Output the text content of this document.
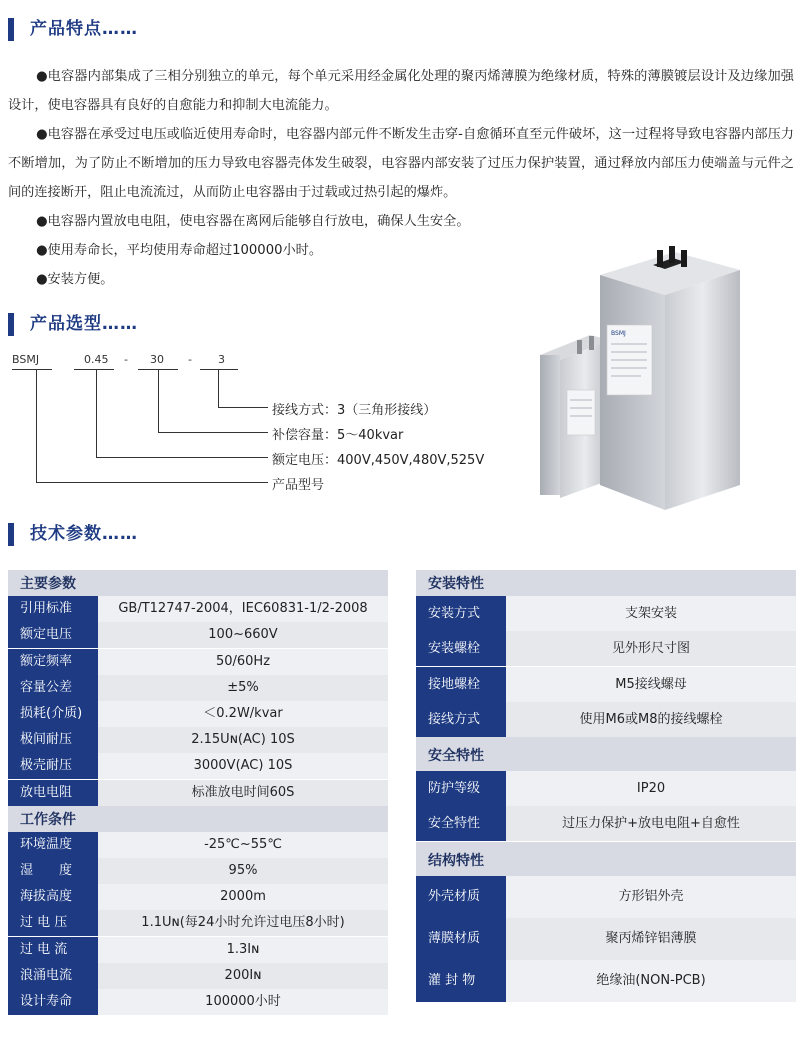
产品特点……

●电容器内部集成了三相分别独立的单元，每个单元采用经金属化处理的聚丙烯薄膜为绝缘材质，特殊的薄膜镀层设计及边缘加强设计，使电容器具有良好的自愈能力和抑制大电流能力。

●电容器在承受过电压或临近使用寿命时，电容器内部元件不断发生击穿-自愈循环直至元件破坏，这一过程将导致电容器内部压力不断增加，为了防止不断增加的压力导致电容器壳体发生破裂，电容器内部安装了过压力保护装置，通过释放内部压力使端盖与元件之间的连接断开，阻止电流流过，从而防止电容器由于过载或过热引起的爆炸。

●电容器内置放电电阻，使电容器在离网后能够自行放电，确保人生安全。

●使用寿命长，平均使用寿命超过100000小时。

●安装方便。

产品选型……
BSMJ	0.45 - 30 - 3
接线方式：3（三角形接线）
补偿容量：5～40kvar
额定电压：400V,450V,480V,525V
产品型号
BSMJ
技术参数……
主要参数
引用标准	GB/T12747-2004，IEC60831-1/2-2008
额定电压	100~660V
额定频率	50/60Hz
容量公差	±5%
损耗(介质)	＜0.2W/kvar
极间耐压	2.15Uɴ(AC) 10S
极壳耐压	3000V(AC) 10S
放电电阻	标准放电时间60S
工作条件
环境温度	-25℃~55℃
湿　　度	95%
海拔高度	2000m
过 电 压	1.1Uɴ(每24小时允许过电压8小时)
过 电 流	1.3Iɴ
浪涌电流	200Iɴ
设计寿命	100000小时
安装特性
安装方式	支架安装
安装螺栓	见外形尺寸图
接地螺栓	M5接线螺母
接线方式	使用M6或M8的接线螺栓
安全特性
防护等级	IP20
安全特性	过压力保护+放电电阻+自愈性
结构特性
外壳材质	方形铝外壳
薄膜材质	聚丙烯锌铝薄膜
灌 封 物	绝缘油(NON-PCB)
